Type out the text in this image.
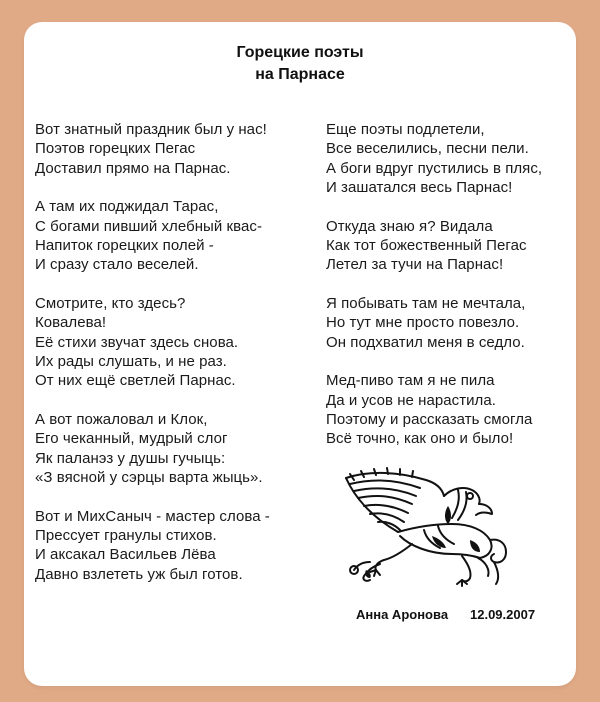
Горецкие поэты
на Парнасе
Вот знатный праздник был у нас!
Поэтов горецких Пегас
Доставил прямо на Парнас.
А там их поджидал Тарас,
С богами пивший хлебный квас-
Напиток горецких полей -
И сразу стало веселей.
Смотрите, кто здесь?
Ковалева!
Её стихи звучат здесь снова.
Их рады слушать, и не раз.
От них ещё светлей Парнас.
А вот пожаловал и Клок,
Его чеканный, мудрый слог
Як паланэз у душы гучыць:
«З вясной у сэрцы варта жыць».
Вот и МихСаныч - мастер слова -
Прессует гранулы стихов.
И аксакал Васильев Лёва
Давно взлететь уж был готов.
Еще поэты подлетели,
Все веселились, песни пели.
А боги вдруг пустились в пляс,
И зашатался весь Парнас!
Откуда знаю я? Видала
Как тот божественный Пегас
Летел за тучи на Парнас!
Я побывать там не мечтала,
Но тут мне просто повезло.
Он подхватил меня в седло.
Мед-пиво там я не пила
Да и усов не нарастила.
Поэтому и рассказать смогла
Всё точно, как оно и было!
Анна Аронова 12.09.2007
